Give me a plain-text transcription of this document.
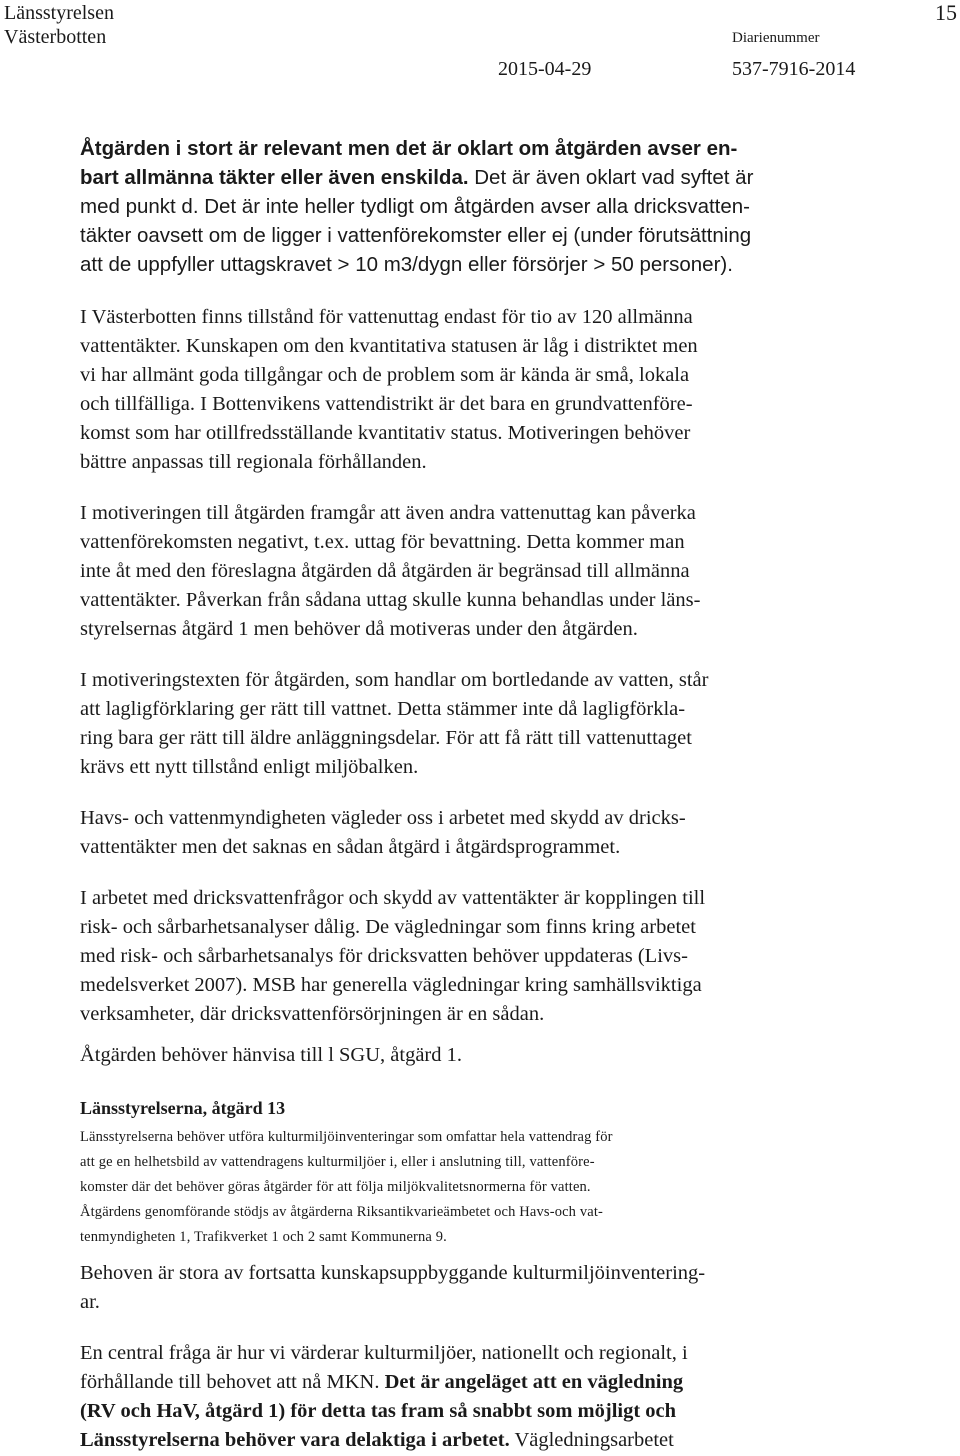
Länsstyrelsen
Västerbotten
15
Diarienummer
2015-04-29	537-7916-2014
Åtgärden i stort är relevant men det är oklart om åtgärden avser en-
bart allmänna täkter eller även enskilda. Det är även oklart vad syftet är
med punkt d. Det är inte heller tydligt om åtgärden avser alla dricksvatten-
täkter oavsett om de ligger i vattenförekomster eller ej (under förutsättning
att de uppfyller uttagskravet > 10 m3/dygn eller försörjer > 50 personer).
I Västerbotten finns tillstånd för vattenuttag endast för tio av 120 allmänna
vattentäkter. Kunskapen om den kvantitativa statusen är låg i distriktet men
vi har allmänt goda tillgångar och de problem som är kända är små, lokala
och tillfälliga. I Bottenvikens vattendistrikt är det bara en grundvattenföre-
komst som har otillfredsställande kvantitativ status. Motiveringen behöver
bättre anpassas till regionala förhållanden.
I motiveringen till åtgärden framgår att även andra vattenuttag kan påverka
vattenförekomsten negativt, t.ex. uttag för bevattning. Detta kommer man
inte åt med den föreslagna åtgärden då åtgärden är begränsad till allmänna
vattentäkter. Påverkan från sådana uttag skulle kunna behandlas under läns-
styrelsernas åtgärd 1 men behöver då motiveras under den åtgärden.
I motiveringstexten för åtgärden, som handlar om bortledande av vatten, står
att lagligförklaring ger rätt till vattnet. Detta stämmer inte då lagligförkla-
ring bara ger rätt till äldre anläggningsdelar. För att få rätt till vattenuttaget
krävs ett nytt tillstånd enligt miljöbalken.
Havs- och vattenmyndigheten vägleder oss i arbetet med skydd av dricks-
vattentäkter men det saknas en sådan åtgärd i åtgärdsprogrammet.
I arbetet med dricksvattenfrågor och skydd av vattentäkter är kopplingen till
risk- och sårbarhetsanalyser dålig. De vägledningar som finns kring arbetet
med risk- och sårbarhetsanalys för dricksvatten behöver uppdateras (Livs-
medelsverket 2007). MSB har generella vägledningar kring samhällsviktiga
verksamheter, där dricksvattenförsörjningen är en sådan.
Åtgärden behöver hänvisa till l SGU, åtgärd 1.
Länsstyrelserna, åtgärd 13
Länsstyrelserna behöver utföra kulturmiljöinventeringar som omfattar hela vattendrag för
att ge en helhetsbild av vattendragens kulturmiljöer i, eller i anslutning till, vattenföre-
komster där det behöver göras åtgärder för att följa miljökvalitetsnormerna för vatten.
Åtgärdens genomförande stödjs av åtgärderna Riksantikvarieämbetet och Havs-och vat-
tenmyndigheten 1, Trafikverket 1 och 2 samt Kommunerna 9.
Behoven är stora av fortsatta kunskapsuppbyggande kulturmiljöinventering-
ar.
En central fråga är hur vi värderar kulturmiljöer, nationellt och regionalt, i
förhållande till behovet att nå MKN. Det är angeläget att en vägledning
(RV och HaV, åtgärd 1) för detta tas fram så snabbt som möjligt och
Länsstyrelserna behöver vara delaktiga i arbetet. Vägledningsarbetet
